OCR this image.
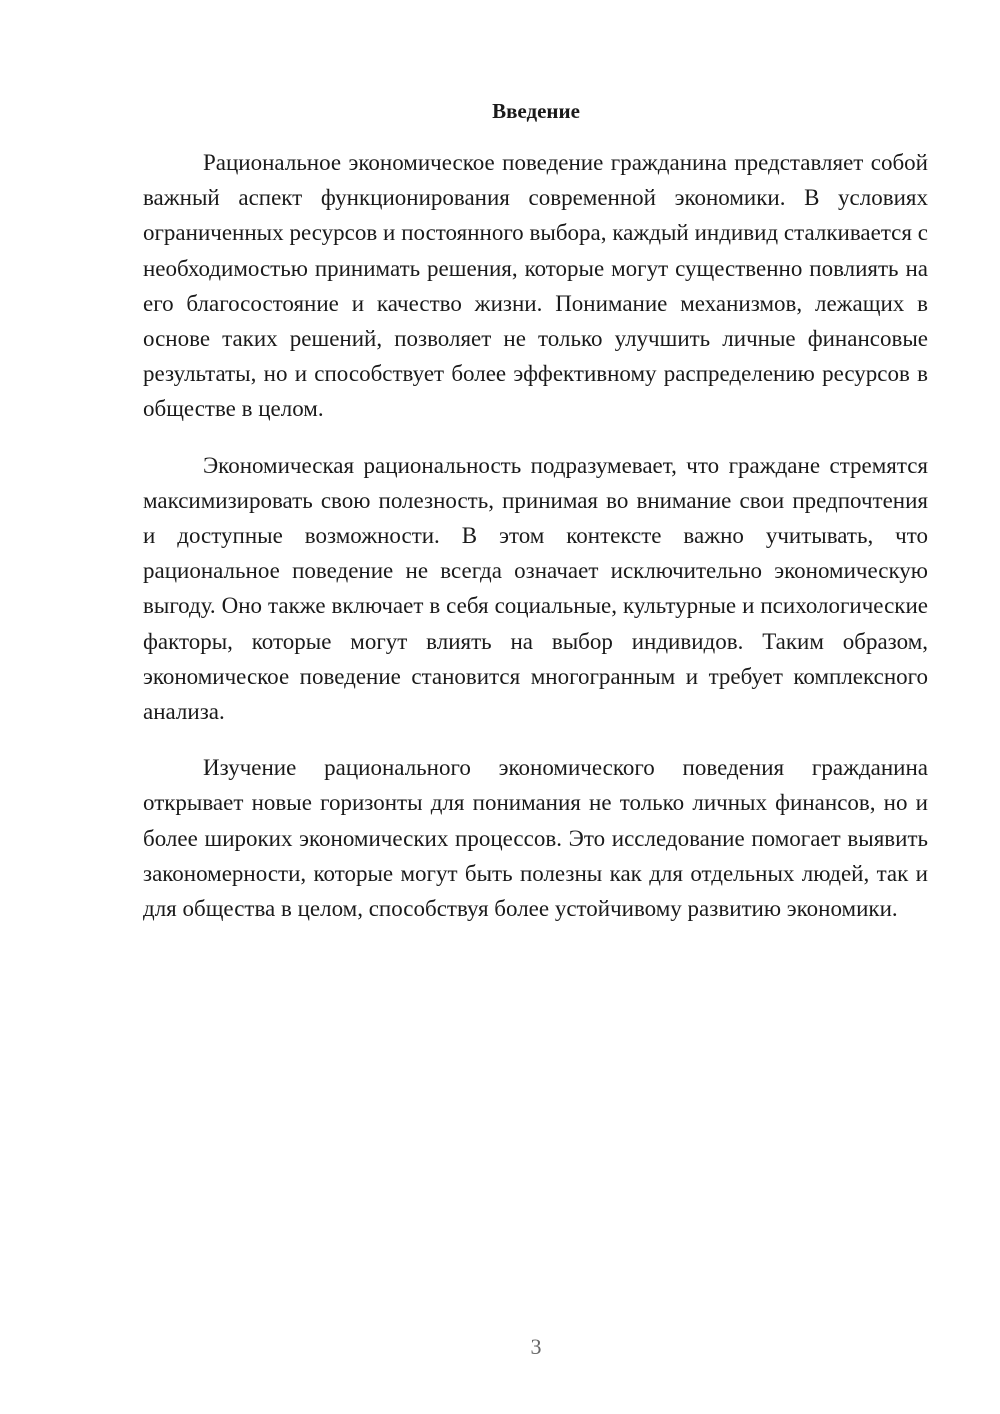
Введение

Рациональное экономическое поведение гражданина представляет собой важный аспект функционирования современной экономики. В условиях ограниченных ресурсов и постоянного выбора, каждый индивид сталкивается с необходимостью принимать решения, которые могут существенно повлиять на его благосостояние и качество жизни. Понимание механизмов, лежащих в основе таких решений, позволяет не только улучшить личные финансовые результаты, но и способствует более эффективному распределению ресурсов в обществе в целом.

Экономическая рациональность подразумевает, что граждане стремятся максимизировать свою полезность, принимая во внимание свои предпочтения и доступные возможности. В этом контексте важно учитывать, что рациональное поведение не всегда означает исключительно экономическую выгоду. Оно также включает в себя социальные, культурные и психологические факторы, которые могут влиять на выбор индивидов. Таким образом, экономическое поведение становится многогранным и требует комплексного анализа.

Изучение рационального экономического поведения гражданина открывает новые горизонты для понимания не только личных финансов, но и более широких экономических процессов. Это исследование помогает выявить закономерности, которые могут быть полезны как для отдельных людей, так и для общества в целом, способствуя более устойчивому развитию экономики.

3
